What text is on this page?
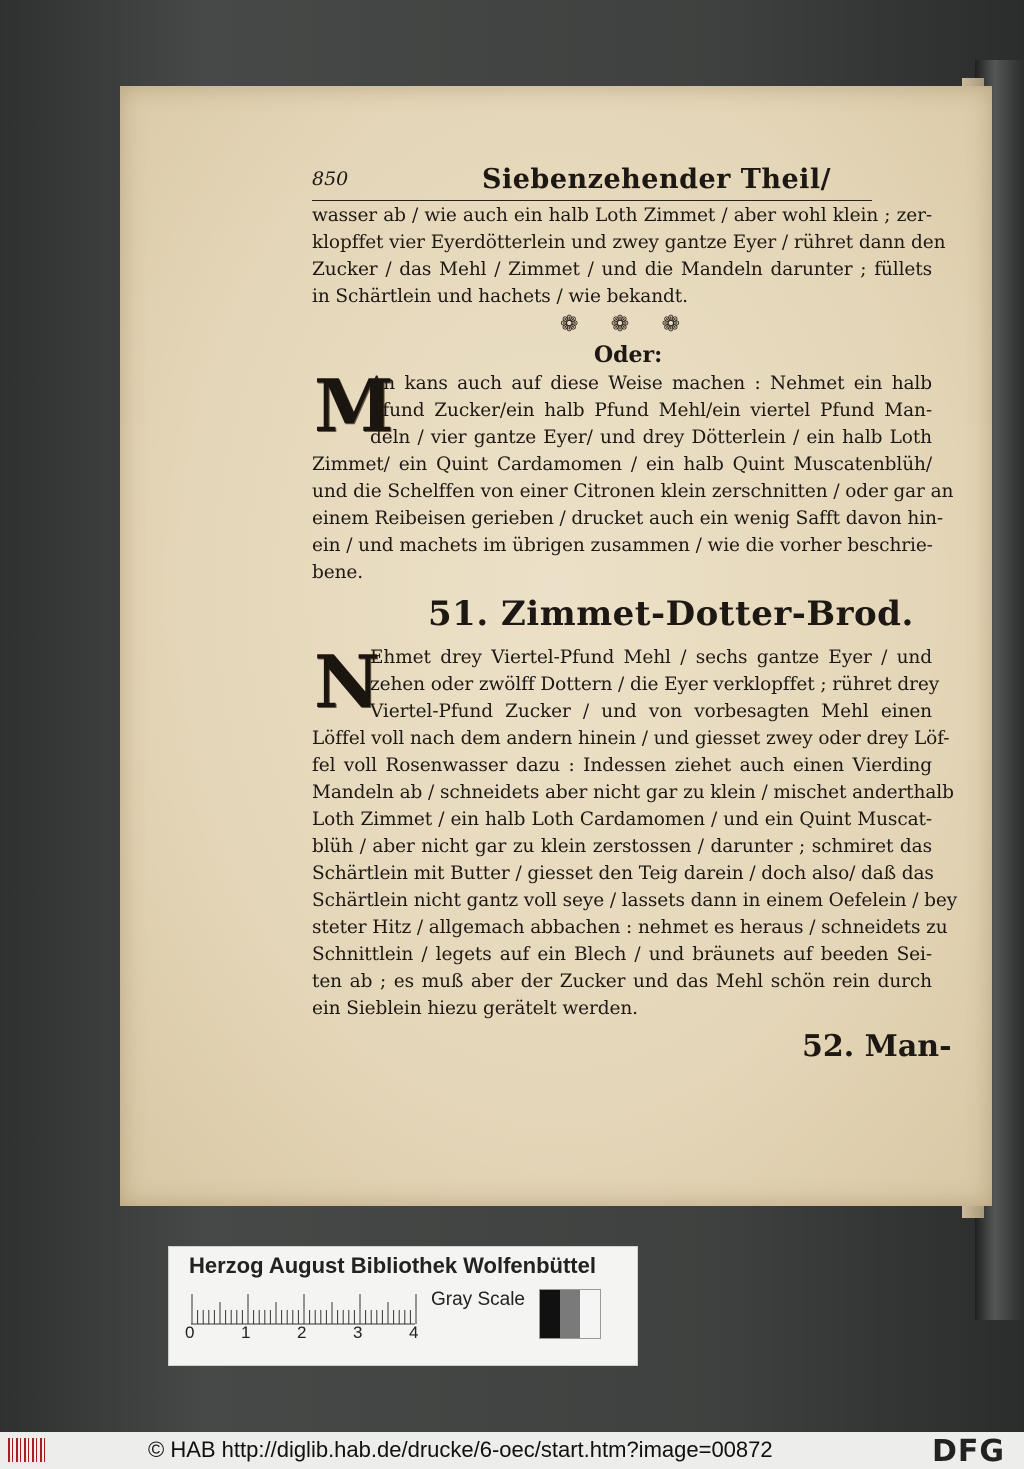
850	Siebenzehender Theil/
wasser ab / wie auch ein halb Loth Zimmet / aber wohl klein ; zer-
klopffet vier Eyerdötterlein und zwey gantze Eyer / rühret dann den
Zucker / das Mehl / Zimmet / und die Mandeln darunter ; füllets
in Schärtlein und hachets / wie bekandt.
❁ ❁ ❁
Oder:
M
An kans auch auf diese Weise machen : Nehmet ein halb
Pfund Zucker/ein halb Pfund Mehl/ein viertel Pfund Man-
deln / vier gantze Eyer/ und drey Dötterlein / ein halb Loth
Zimmet/ ein Quint Cardamomen / ein halb Quint Muscatenblüh/
und die Schelffen von einer Citronen klein zerschnitten / oder gar an
einem Reibeisen gerieben / drucket auch ein wenig Safft davon hin-
ein / und machets im übrigen zusammen / wie die vorher beschrie-
bene.
51. Zimmet-Dotter-Brod.
N
Ehmet drey Viertel-Pfund Mehl / sechs gantze Eyer / und
zehen oder zwölff Dottern / die Eyer verklopffet ; rühret drey
Viertel-Pfund Zucker / und von vorbesagten Mehl einen
Löffel voll nach dem andern hinein / und giesset zwey oder drey Löf-
fel voll Rosenwasser dazu : Indessen ziehet auch einen Vierding
Mandeln ab / schneidets aber nicht gar zu klein / mischet anderthalb
Loth Zimmet / ein halb Loth Cardamomen / und ein Quint Muscat-
blüh / aber nicht gar zu klein zerstossen / darunter ; schmiret das
Schärtlein mit Butter / giesset den Teig darein / doch also/ daß das
Schärtlein nicht gantz voll seye / lassets dann in einem Oefelein / bey
steter Hitz / allgemach abbachen : nehmet es heraus / schneidets zu
Schnittlein / legets auf ein Blech / und bräunets auf beeden Sei-
ten ab ; es muß aber der Zucker und das Mehl schön rein durch
ein Sieblein hiezu gerätelt werden.
52. Man-
Herzog August Bibliothek Wolfenbüttel
0	1	2	3	4
Gray Scale
© HAB http://diglib.hab.de/drucke/6-oec/start.htm?image=00872	DFG
